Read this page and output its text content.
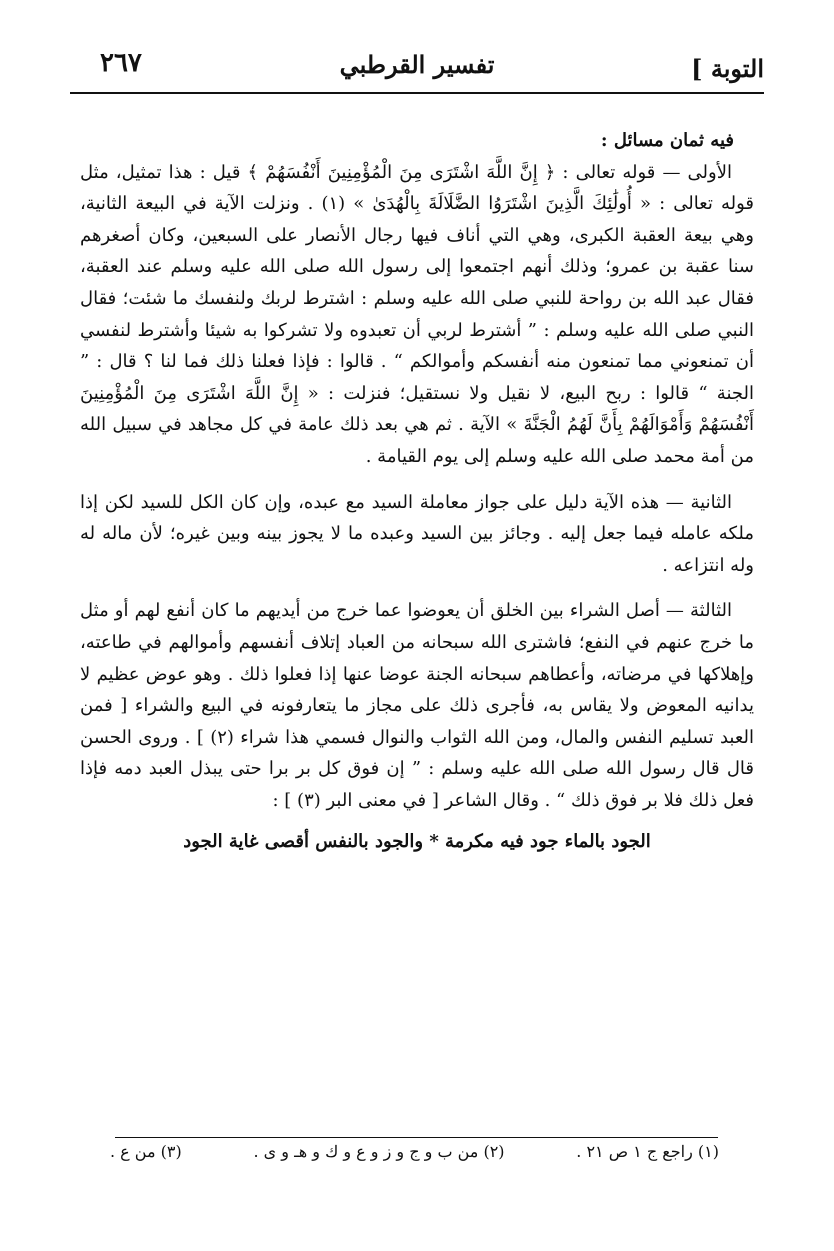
٢٦٧	تفسير القرطبي	التوبة ]

فيه ثمان مسائل :

الأولى — قوله تعالى : ﴿ إِنَّ اللَّهَ اشْتَرَى مِنَ الْمُؤْمِنِينَ أَنْفُسَهُمْ ﴾ قيل : هذا تمثيل، مثل قوله تعالى : « أُولَٰئِكَ الَّذِينَ اشْتَرَوُا الضَّلَالَةَ بِالْهُدَىٰ » (١) . ونزلت الآية في البيعة الثانية، وهي بيعة العقبة الكبرى، وهي التي أناف فيها رجال الأنصار على السبعين، وكان أصغرهم سنا عقبة بن عمرو؛ وذلك أنهم اجتمعوا إلى رسول الله صلى الله عليه وسلم عند العقبة، فقال عبد الله بن رواحة للنبي صلى الله عليه وسلم : اشترط لربك ولنفسك ما شئت؛ فقال النبي صلى الله عليه وسلم : ” أشترط لربي أن تعبدوه ولا تشركوا به شيئا وأشترط لنفسي أن تمنعوني مما تمنعون منه أنفسكم وأموالكم “ . قالوا : فإذا فعلنا ذلك فما لنا ؟ قال : ” الجنة “ قالوا : ربح البيع، لا نقيل ولا نستقيل؛ فنزلت : « إِنَّ اللَّهَ اشْتَرَى مِنَ الْمُؤْمِنِينَ أَنْفُسَهُمْ وَأَمْوَالَهُمْ بِأَنَّ لَهُمُ الْجَنَّةَ » الآية . ثم هي بعد ذلك عامة في كل مجاهد في سبيل الله من أمة محمد صلى الله عليه وسلم إلى يوم القيامة .

الثانية — هذه الآية دليل على جواز معاملة السيد مع عبده، وإن كان الكل للسيد لكن إذا ملكه عامله فيما جعل إليه . وجائز بين السيد وعبده ما لا يجوز بينه وبين غيره؛ لأن ماله له وله انتزاعه .

الثالثة — أصل الشراء بين الخلق أن يعوضوا عما خرج من أيديهم ما كان أنفع لهم أو مثل ما خرج عنهم في النفع؛ فاشترى الله سبحانه من العباد إتلاف أنفسهم وأموالهم في طاعته، وإهلاكها في مرضاته، وأعطاهم سبحانه الجنة عوضا عنها إذا فعلوا ذلك . وهو عوض عظيم لا يدانيه المعوض ولا يقاس به، فأجرى ذلك على مجاز ما يتعارفونه في البيع والشراء [ فمن العبد تسليم النفس والمال، ومن الله الثواب والنوال فسمي هذا شراء (٢) ] . وروى الحسن قال قال رسول الله صلى الله عليه وسلم : ” إن فوق كل بر برا حتى يبذل العبد دمه فإذا فعل ذلك فلا بر فوق ذلك “ . وقال الشاعر [ في معنى البر (٣) ] :

الجود بالماء جود فيه مكرمة * والجود بالنفس أقصى غاية الجود

(١) راجع ج ١ ص ٢١ .
(٢) من ب و ج و ز و ع و ك و هـ و ى .
(٣) من ع .
